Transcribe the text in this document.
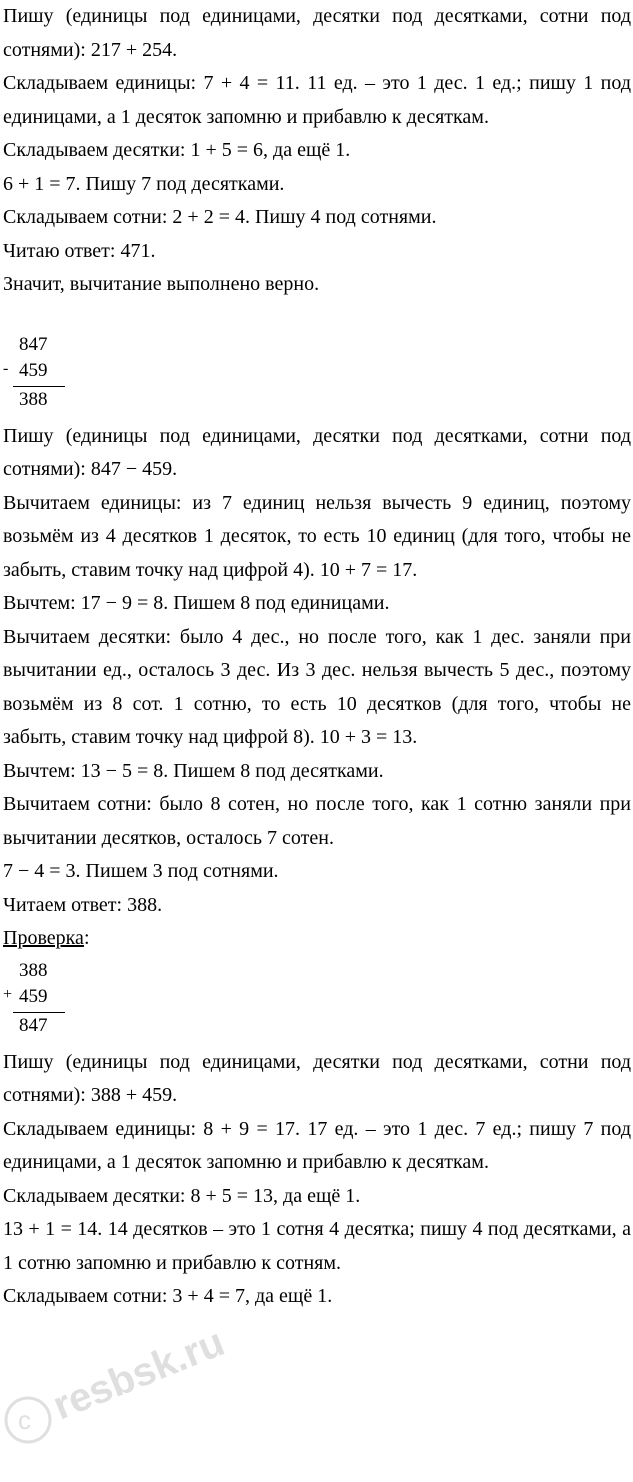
Пишу (единицы под единицами, десятки под десятками, сотни под сотнями): 217 + 254.

Складываем единицы: 7 + 4 = 11. 11 ед. – это 1 дес. 1 ед.; пишу 1 под единицами, а 1 десяток запомню и прибавлю к десяткам.

Складываем десятки: 1 + 5 = 6, да ещё 1.

6 + 1 = 7. Пишу 7 под десятками.

Складываем сотни: 2 + 2 = 4. Пишу 4 под сотнями.

Читаю ответ: 471.

Значит, вычитание выполнено верно.

-
847
459
388

Пишу (единицы под единицами, десятки под десятками, сотни под сотнями): 847 − 459.

Вычитаем единицы: из 7 единиц нельзя вычесть 9 единиц, поэтому возьмём из 4 десятков 1 десяток, то есть 10 единиц (для того, чтобы не забыть, ставим точку над цифрой 4). 10 + 7 = 17.

Вычтем: 17 − 9 = 8. Пишем 8 под единицами.

Вычитаем десятки: было 4 дес., но после того, как 1 дес. заняли при вычитании ед., осталось 3 дес. Из 3 дес. нельзя вычесть 5 дес., поэтому возьмём из 8 сот. 1 сотню, то есть 10 десятков (для того, чтобы не забыть, ставим точку над цифрой 8). 10 + 3 = 13.

Вычтем: 13 − 5 = 8. Пишем 8 под десятками.

Вычитаем сотни: было 8 сотен, но после того, как 1 сотню заняли при вычитании десятков, осталось 7 сотен.

7 − 4 = 3. Пишем 3 под сотнями.

Читаем ответ: 388.

Проверка:

+
388
459
847

Пишу (единицы под единицами, десятки под десятками, сотни под сотнями): 388 + 459.

Складываем единицы: 8 + 9 = 17. 17 ед. – это 1 дес. 7 ед.; пишу 7 под единицами, а 1 десяток запомню и прибавлю к десяткам.

Складываем десятки: 8 + 5 = 13, да ещё 1.

13 + 1 = 14. 14 десятков – это 1 сотня 4 десятка; пишу 4 под десятками, а 1 сотню запомню и прибавлю к сотням.

Складываем сотни: 3 + 4 = 7, да ещё 1.

c resbsk.ru
